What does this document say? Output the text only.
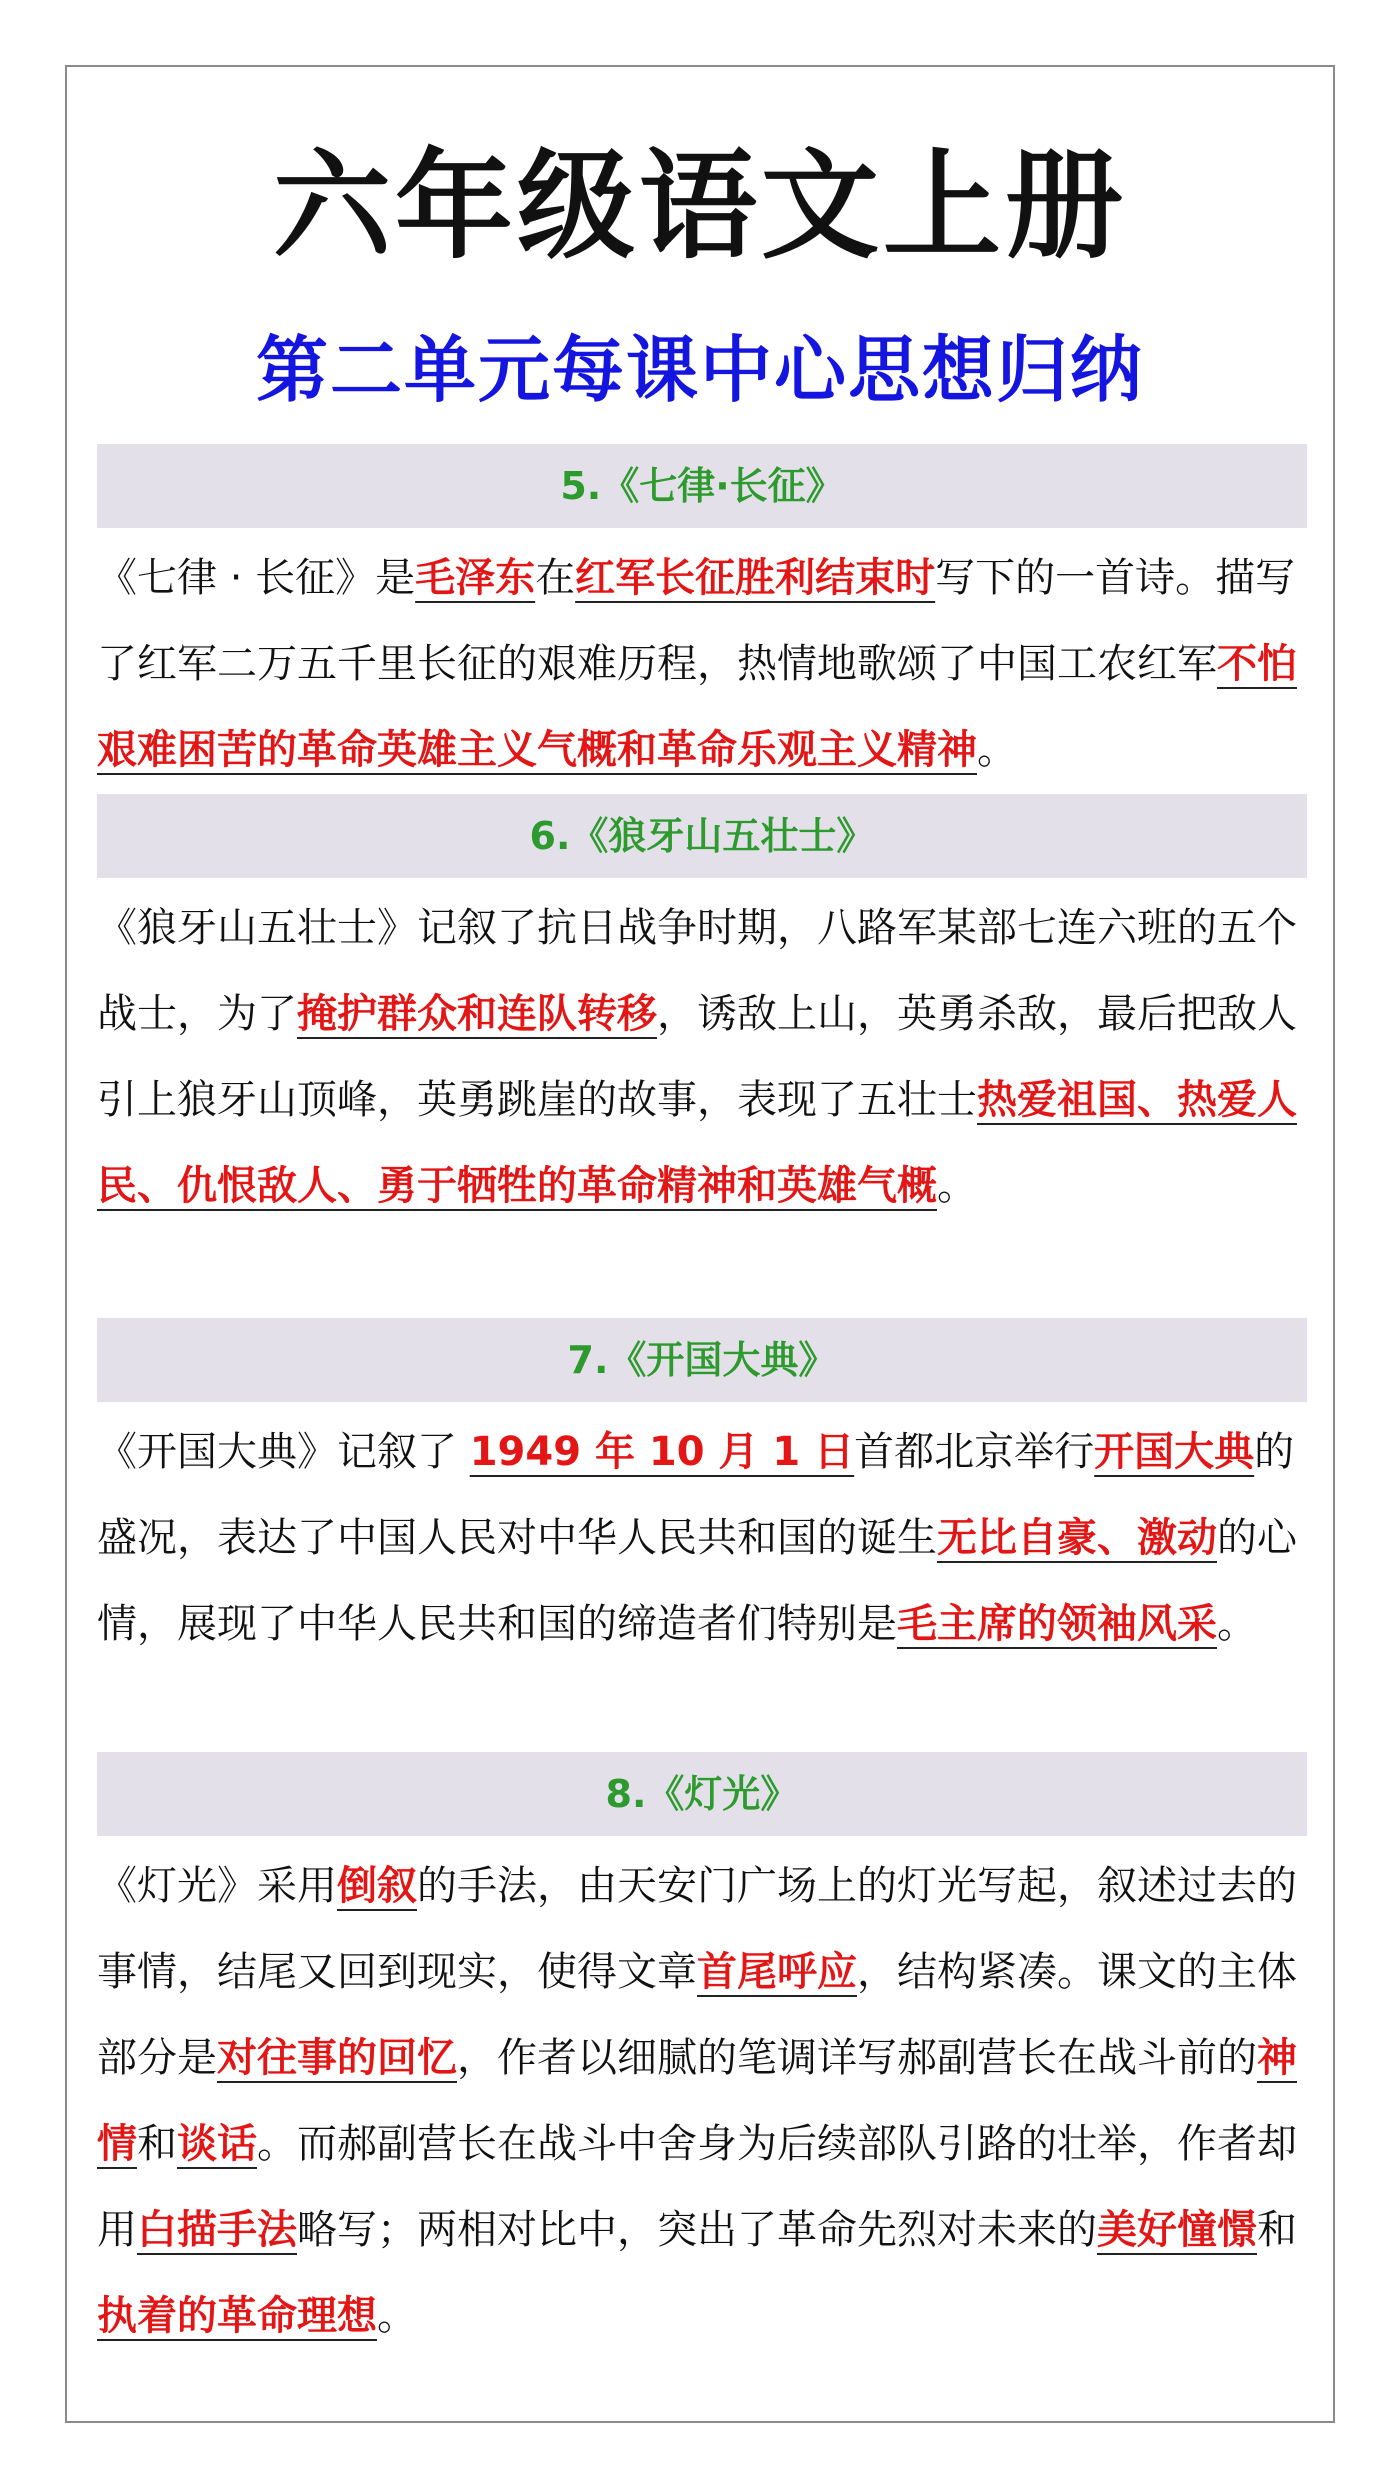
六年级语文上册
第二单元每课中心思想归纳
5.《七律·长征》

《七律 · 长征》是毛泽东在红军长征胜利结束时写下的一首诗。描写了红军二万五千里长征的艰难历程，热情地歌颂了中国工农红军不怕艰难困苦的革命英雄主义气概和革命乐观主义精神。

6.《狼牙山五壮士》

《狼牙山五壮士》记叙了抗日战争时期，八路军某部七连六班的五个战士，为了掩护群众和连队转移，诱敌上山，英勇杀敌，最后把敌人引上狼牙山顶峰，英勇跳崖的故事，表现了五壮士热爱祖国、热爱人民、仇恨敌人、勇于牺牲的革命精神和英雄气概。

7.《开国大典》

《开国大典》记叙了 1949 年 10 月 1 日首都北京举行开国大典的盛况，表达了中国人民对中华人民共和国的诞生无比自豪、激动的心情，展现了中华人民共和国的缔造者们特别是毛主席的领袖风采。

8.《灯光》

《灯光》采用倒叙的手法，由天安门广场上的灯光写起，叙述过去的事情，结尾又回到现实，使得文章首尾呼应，结构紧凑。课文的主体部分是对往事的回忆，作者以细腻的笔调详写郝副营长在战斗前的神情和谈话。而郝副营长在战斗中舍身为后续部队引路的壮举，作者却用白描手法略写；两相对比中，突出了革命先烈对未来的美好憧憬和执着的革命理想。
